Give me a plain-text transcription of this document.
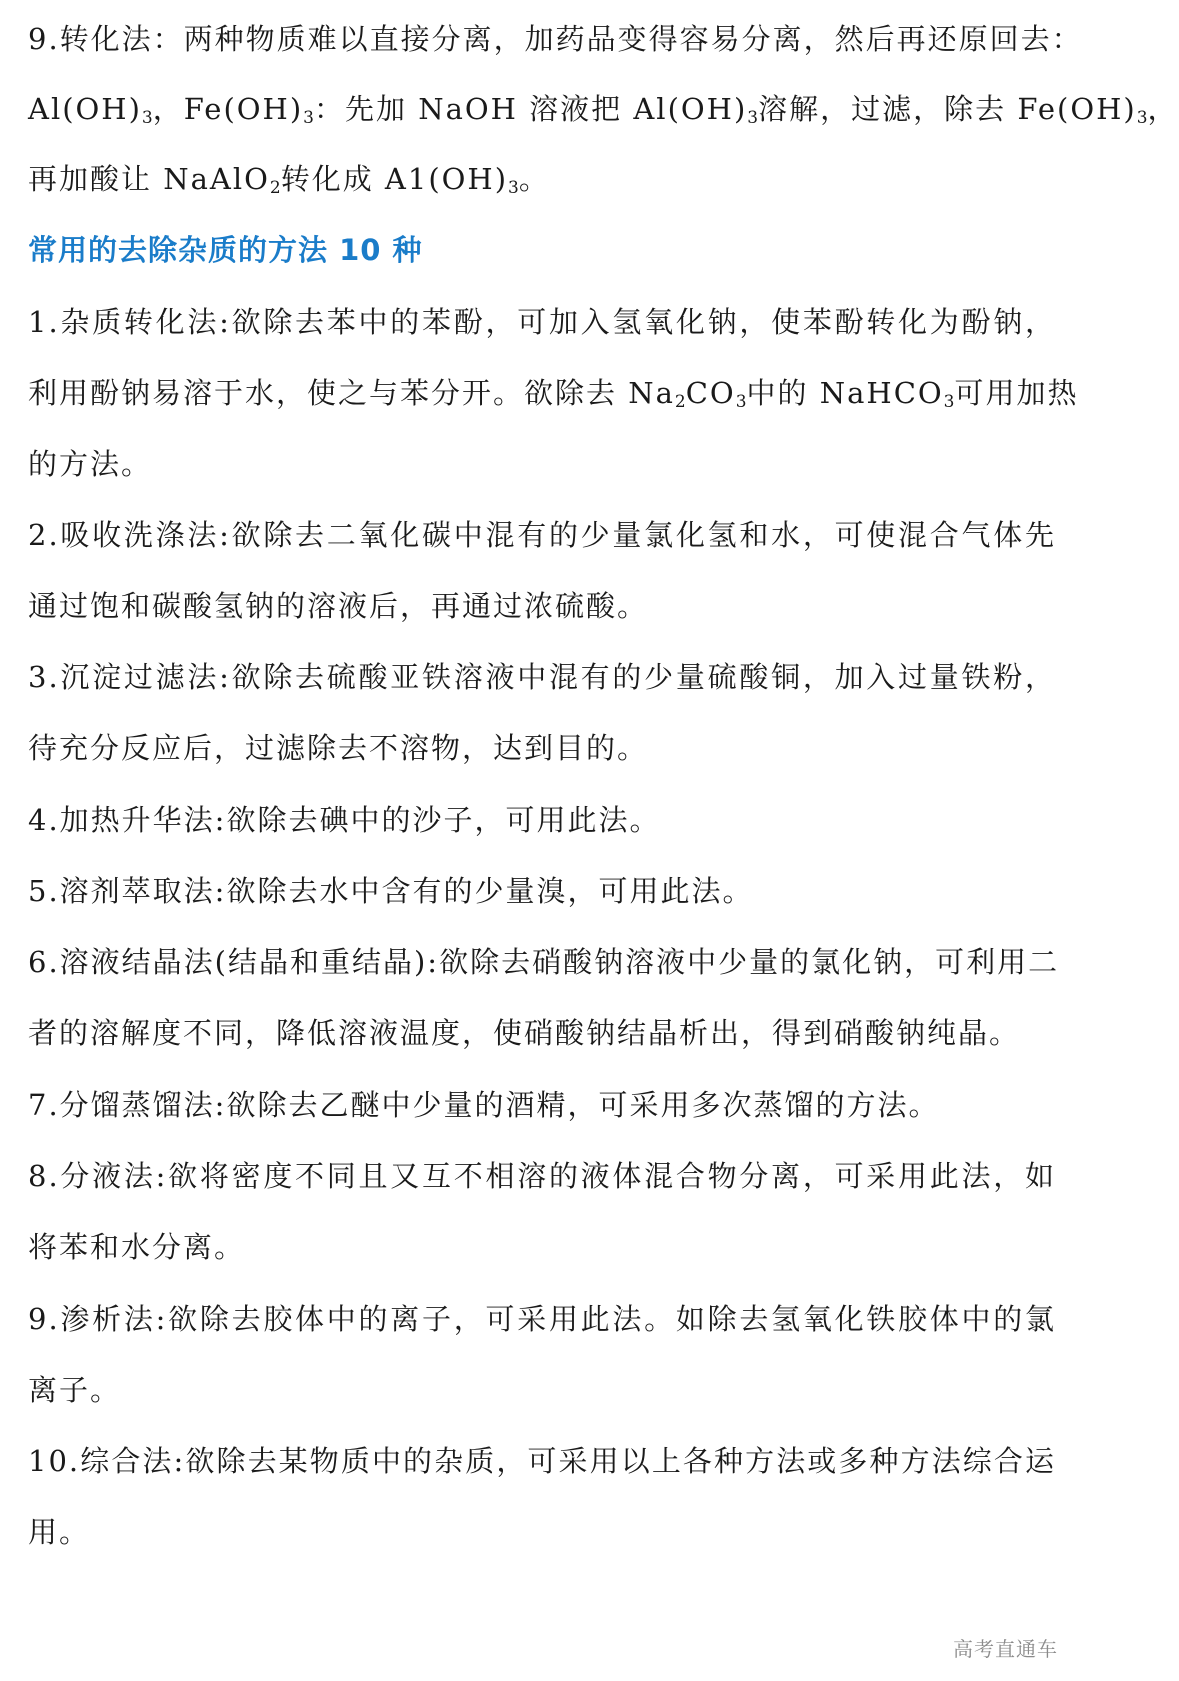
9.转化法：两种物质难以直接分离，加药品变得容易分离，然后再还原回去：
$Al(OH)_3$，$Fe(OH)_3$：先加 NaOH 溶液把 $Al(OH)_3$溶解，过滤，除去 $Fe(OH)_3$，
再加酸让 NaAlO$_2$转化成 $A1(OH)_3$。
常用的去除杂质的方法 10 种
1.杂质转化法:欲除去苯中的苯酚，可加入氢氧化钠，使苯酚转化为酚钠，
利用酚钠易溶于水，使之与苯分开。欲除去 $Na_2CO_3$中的 NaHCO$_3$可用加热
的方法。
2.吸收洗涤法:欲除去二氧化碳中混有的少量氯化氢和水，可使混合气体先
通过饱和碳酸氢钠的溶液后，再通过浓硫酸。
3.沉淀过滤法:欲除去硫酸亚铁溶液中混有的少量硫酸铜，加入过量铁粉，
待充分反应后，过滤除去不溶物，达到目的。
4.加热升华法:欲除去碘中的沙子，可用此法。
5.溶剂萃取法:欲除去水中含有的少量溴，可用此法。
6.溶液结晶法(结晶和重结晶):欲除去硝酸钠溶液中少量的氯化钠，可利用二
者的溶解度不同，降低溶液温度，使硝酸钠结晶析出，得到硝酸钠纯晶。
7.分馏蒸馏法:欲除去乙醚中少量的酒精，可采用多次蒸馏的方法。
8.分液法:欲将密度不同且又互不相溶的液体混合物分离，可采用此法，如
将苯和水分离。
9.渗析法:欲除去胶体中的离子，可采用此法。如除去氢氧化铁胶体中的氯
离子。
10.综合法:欲除去某物质中的杂质，可采用以上各种方法或多种方法综合运
用。
高考直通车
